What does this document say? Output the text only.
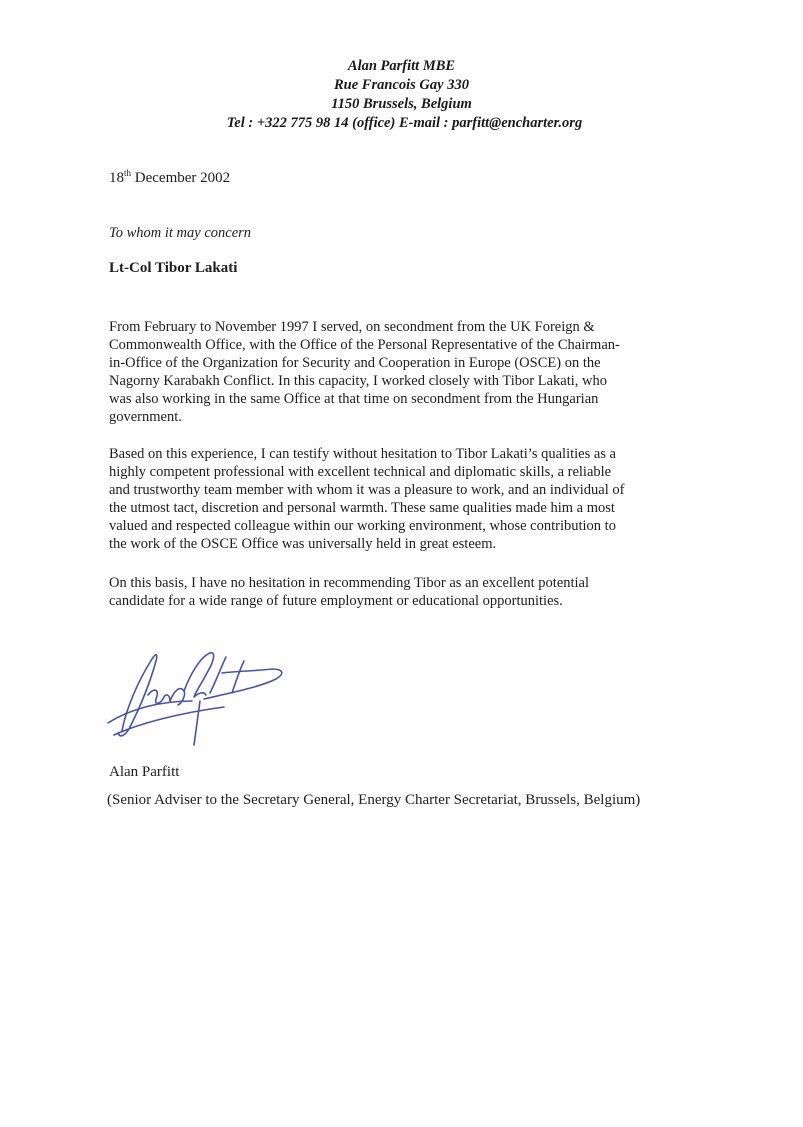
Alan Parfitt MBE
Rue Francois Gay 330
1150 Brussels, Belgium
Tel : +322 775 98 14 (office) E-mail : parfitt@encharter.org
18th December 2002
To whom it may concern
Lt-Col Tibor Lakati

From February to November 1997 I served, on secondment from the UK Foreign &
Commonwealth Office, with the Office of the Personal Representative of the Chairman-
in-Office of the Organization for Security and Cooperation in Europe (OSCE) on the
Nagorny Karabakh Conflict. In this capacity, I worked closely with Tibor Lakati, who
was also working in the same Office at that time on secondment from the Hungarian
government.

Based on this experience, I can testify without hesitation to Tibor Lakati’s qualities as a
highly competent professional with excellent technical and diplomatic skills, a reliable
and trustworthy team member with whom it was a pleasure to work, and an individual of
the utmost tact, discretion and personal warmth. These same qualities made him a most
valued and respected colleague within our working environment, whose contribution to
the work of the OSCE Office was universally held in great esteem.

On this basis, I have no hesitation in recommending Tibor as an excellent potential
candidate for a wide range of future employment or educational opportunities.

Alan Parfitt
(Senior Adviser to the Secretary General, Energy Charter Secretariat, Brussels, Belgium)
